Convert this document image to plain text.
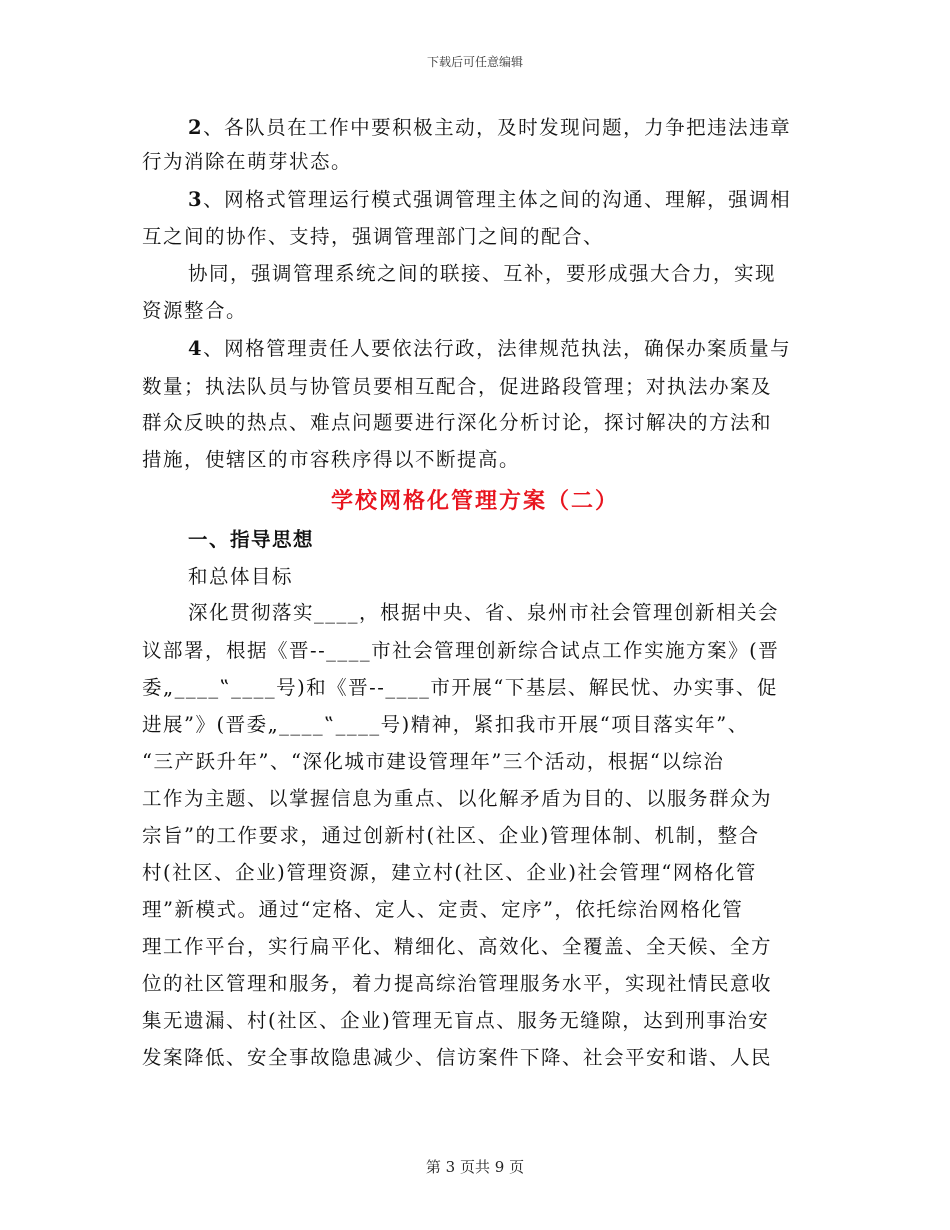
下载后可任意编辑
2、各队员在工作中要积极主动，及时发现问题，力争把违法违章
行为消除在萌芽状态。
3、网格式管理运行模式强调管理主体之间的沟通、理解，强调相
互之间的协作、支持，强调管理部门之间的配合、
协同，强调管理系统之间的联接、互补，要形成强大合力，实现
资源整合。
4、网格管理责任人要依法行政，法律规范执法，确保办案质量与
数量；执法队员与协管员要相互配合，促进路段管理；对执法办案及
群众反映的热点、难点问题要进行深化分析讨论，探讨解决的方法和
措施，使辖区的市容秩序得以不断提高。
学校网格化管理方案（二）
一、指导思想
和总体目标
深化贯彻落实____，根据中央、省、泉州市社会管理创新相关会
议部署，根据《晋--____市社会管理创新综合试点工作实施方案》(晋
委„____‟____号)和《晋--____市开展“下基层、解民忧、办实事、促
进展”》(晋委„____‟____号)精神，紧扣我市开展“项目落实年”、
“三产跃升年”、“深化城市建设管理年”三个活动，根据“以综治
工作为主题、以掌握信息为重点、以化解矛盾为目的、以服务群众为
宗旨”的工作要求，通过创新村(社区、企业)管理体制、机制，整合
村(社区、企业)管理资源，建立村(社区、企业)社会管理“网格化管
理”新模式。通过“定格、定人、定责、定序”，依托综治网格化管
理工作平台，实行扁平化、精细化、高效化、全覆盖、全天候、全方
位的社区管理和服务，着力提高综治管理服务水平，实现社情民意收
集无遗漏、村(社区、企业)管理无盲点、服务无缝隙，达到刑事治安
发案降低、安全事故隐患减少、信访案件下降、社会平安和谐、人民
第 3 页共 9 页
